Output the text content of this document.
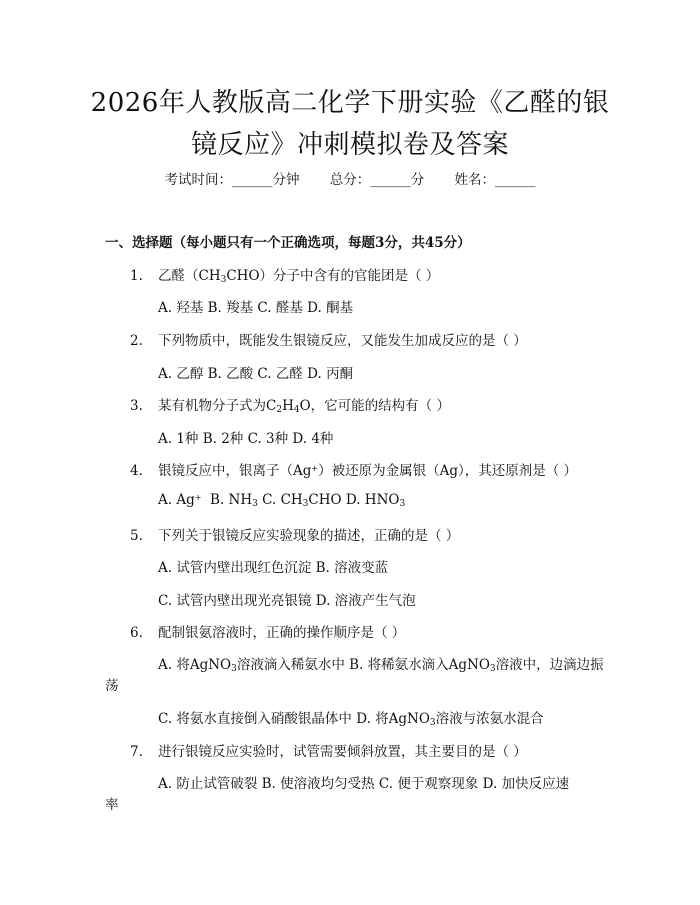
2026年人教版高二化学下册实验《乙醛的银
镜反应》冲刺模拟卷及答案
考试时间：______分钟 总分：______分 姓名：______
一、选择题（每小题只有一个正确选项，每题3分，共45分）
1. 乙醛$(CH_3CHO)$分子中含有的官能团是（ ）
A. 羟基 B. 羧基 C. 醛基 D. 酮基
2. 下列物质中，既能发生银镜反应，又能发生加成反应的是（ ）
A. 乙醇 B. 乙酸 C. 乙醛 D. 丙酮
3. 某有机物分子式为$C_2H_4O$，它可能的结构有（ ）
A. 1种 B. 2种 C. 3种 D. 4种
4. 银镜反应中，银离子（Ag+）被还原为金属银（Ag），其还原剂是（ ）
A. Ag+  B. $NH_3$ C. $CH_3CHO$ D. $HNO_3$
5. 下列关于银镜反应实验现象的描述，正确的是（ ）
A. 试管内壁出现红色沉淀 B. 溶液变蓝
C. 试管内壁出现光亮银镜 D. 溶液产生气泡
6. 配制银氨溶液时，正确的操作顺序是（ ）
A. 将AgNO$_3$溶液滴入稀氨水中 B. 将稀氨水滴入AgNO$_3$溶液中，边滴边振
荡
C. 将氨水直接倒入硝酸银晶体中 D. 将AgNO$_3$溶液与浓氨水混合
7. 进行银镜反应实验时，试管需要倾斜放置，其主要目的是（ ）
A. 防止试管破裂 B. 使溶液均匀受热 C. 便于观察现象 D. 加快反应速
率
